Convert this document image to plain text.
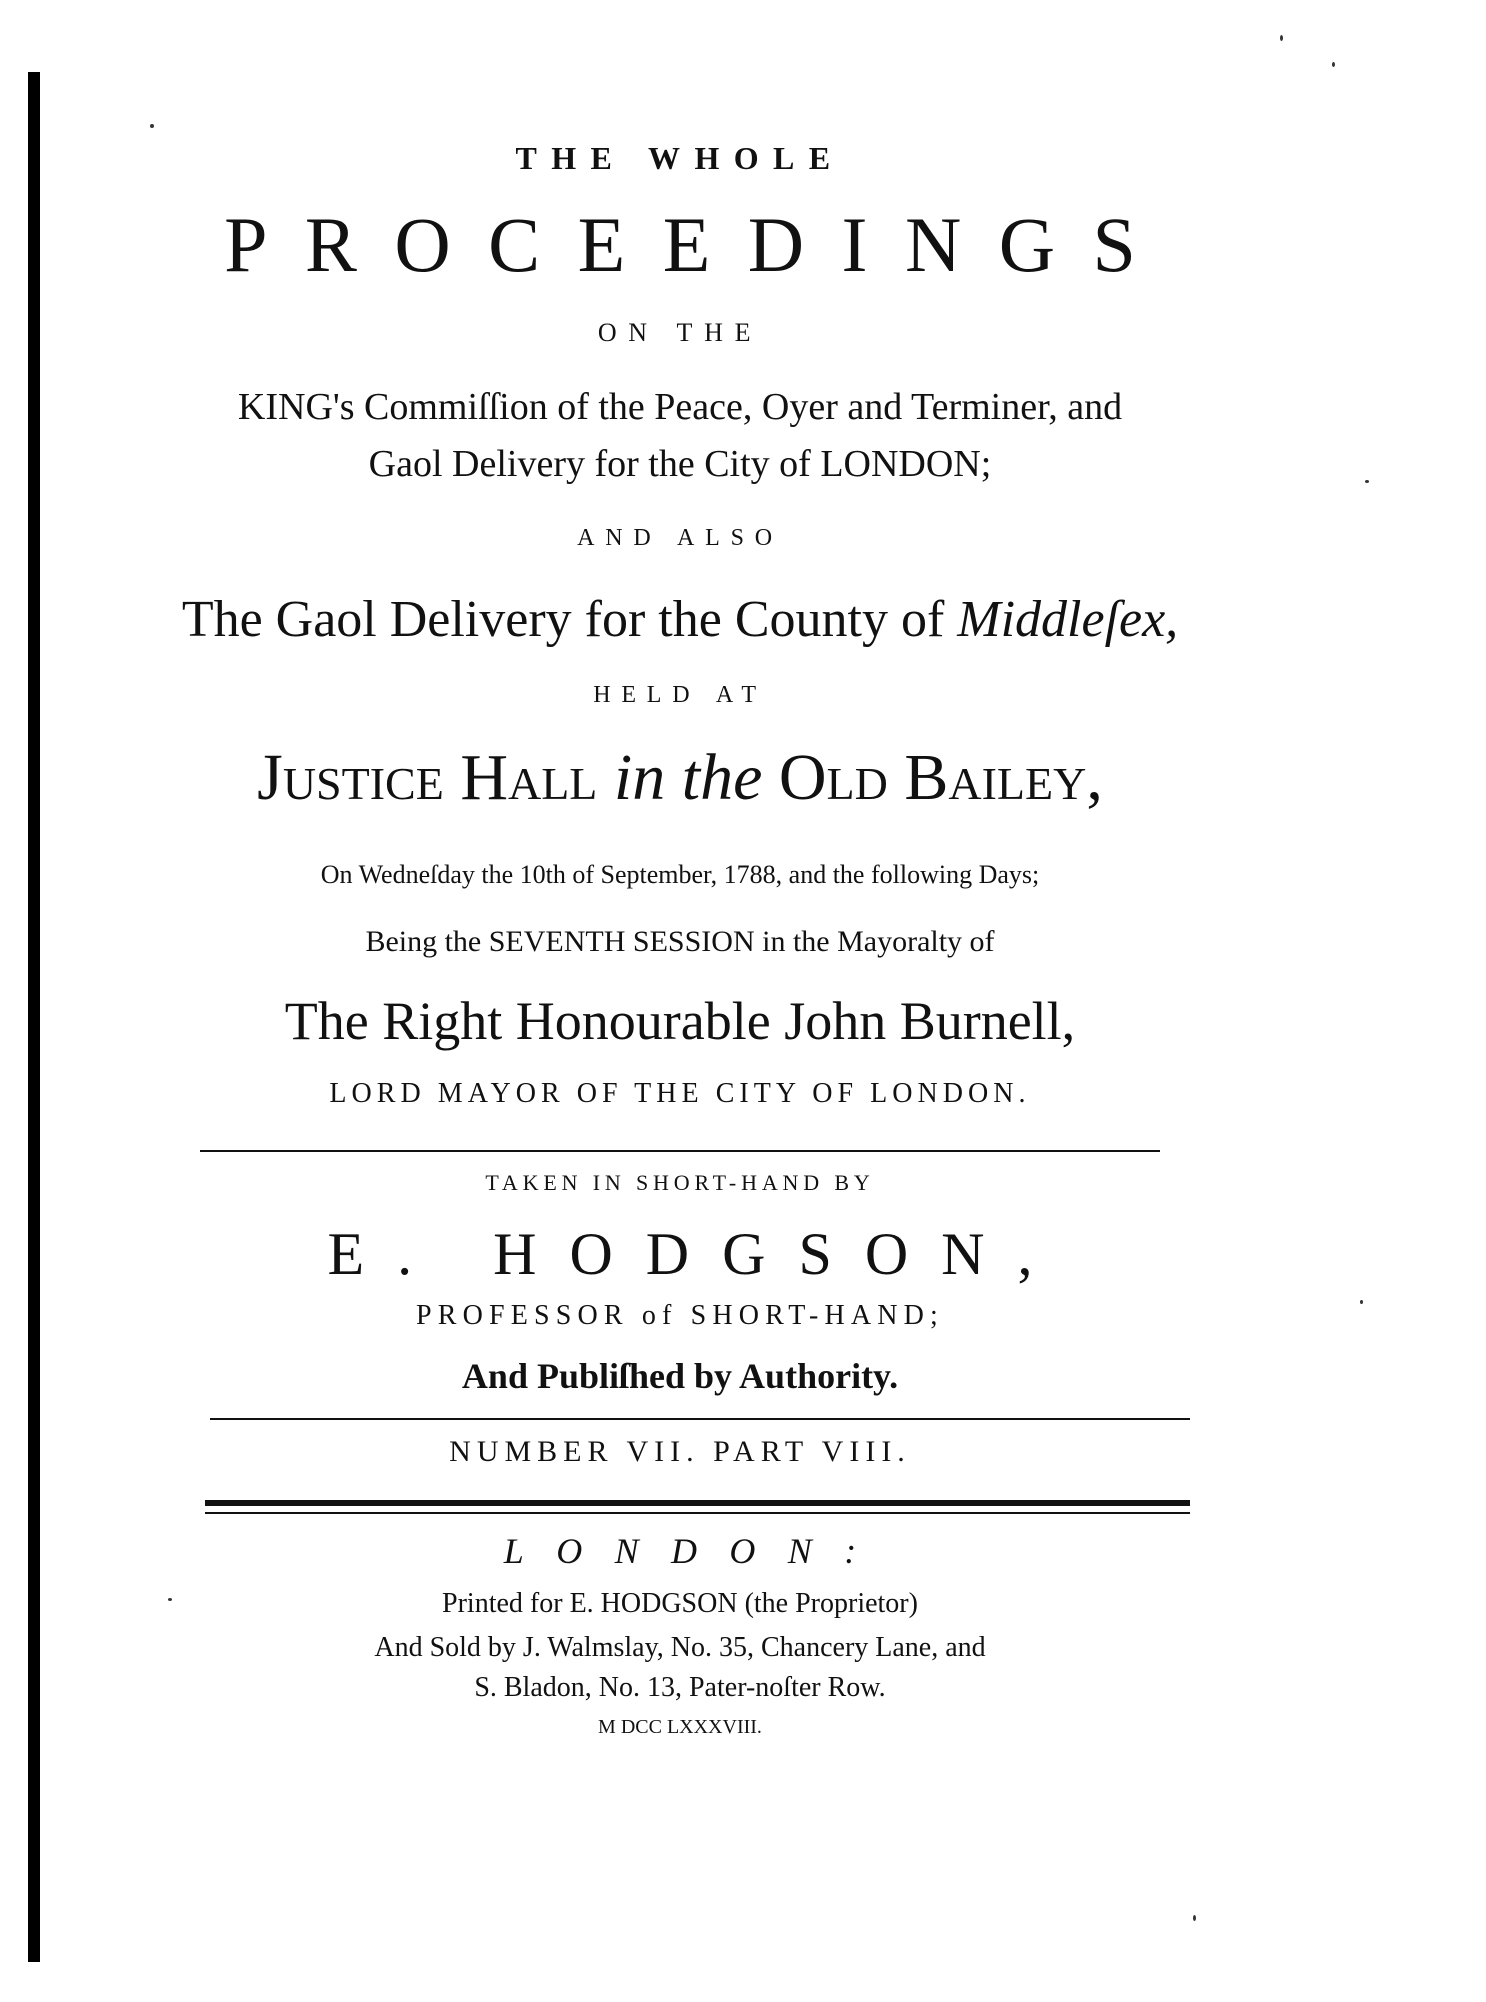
THE WHOLE
PROCEEDINGS
ON THE
KING's Commiſſion of the Peace, Oyer and Terminer, and
Gaol Delivery for the City of LONDON;
AND ALSO
The Gaol Delivery for the County of Middleſex,
HELD AT
Justice Hall in the Old Bailey,
On Wedneſday the 10th of September, 1788, and the following Days;
Being the SEVENTH SESSION in the Mayoralty of
The Right Honourable John Burnell,
LORD MAYOR OF THE CITY OF LONDON.
TAKEN IN SHORT-HAND BY
E. HODGSON,
PROFESSOR of SHORT-HAND;
And Publiſhed by Authority.
NUMBER VII. PART VIII.
LONDON:
Printed for E. HODGSON (the Proprietor)
And Sold by J. Walmslay, No. 35, Chancery Lane, and
S. Bladon, No. 13, Pater-noſter Row.
M DCC LXXXVIII.
